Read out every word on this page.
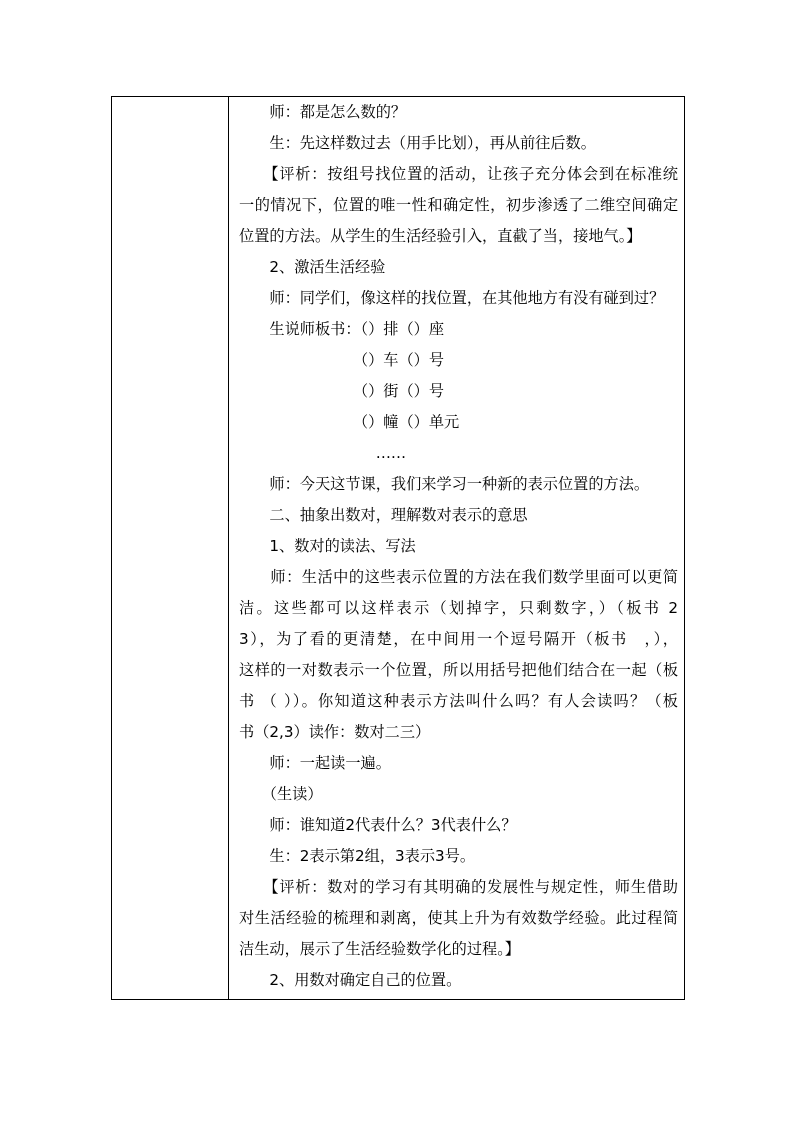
　　师：都是怎么数的？
　　生：先这样数过去（用手比划），再从前往后数。
　　【评析：按组号找位置的活动，让孩子充分体会到在标准统
一的情况下，位置的唯一性和确定性，初步渗透了二维空间确定
位置的方法。从学生的生活经验引入，直截了当，接地气。】
　　2、激活生活经验
　　师：同学们，像这样的找位置，在其他地方有没有碰到过？
　　生说师板书：（）排（）座
　　　　　　　　（）车（）号
　　　　　　　　（）街（）号
　　　　　　　　（）幢（）单元
　　　　　　　　　……
　　师：今天这节课，我们来学习一种新的表示位置的方法。
　　二、抽象出数对，理解数对表示的意思
　　1、数对的读法、写法
　　师：生活中的这些表示位置的方法在我们数学里面可以更简
洁。这些都可以这样表示（划掉字，只剩数字，）（板书 2
3），为了看的更清楚，在中间用一个逗号隔开（板书　，），
这样的一对数表示一个位置，所以用括号把他们结合在一起（板
书 （ ））。你知道这种表示方法叫什么吗？有人会读吗？（板
书（2,3）读作：数对二三）
　　师：一起读一遍。
　　（生读）
　　师：谁知道2代表什么？3代表什么？
　　生：2表示第2组，3表示3号。
　　【评析：数对的学习有其明确的发展性与规定性，师生借助
对生活经验的梳理和剥离，使其上升为有效数学经验。此过程简
洁生动，展示了生活经验数学化的过程。】
　　2、用数对确定自己的位置。
